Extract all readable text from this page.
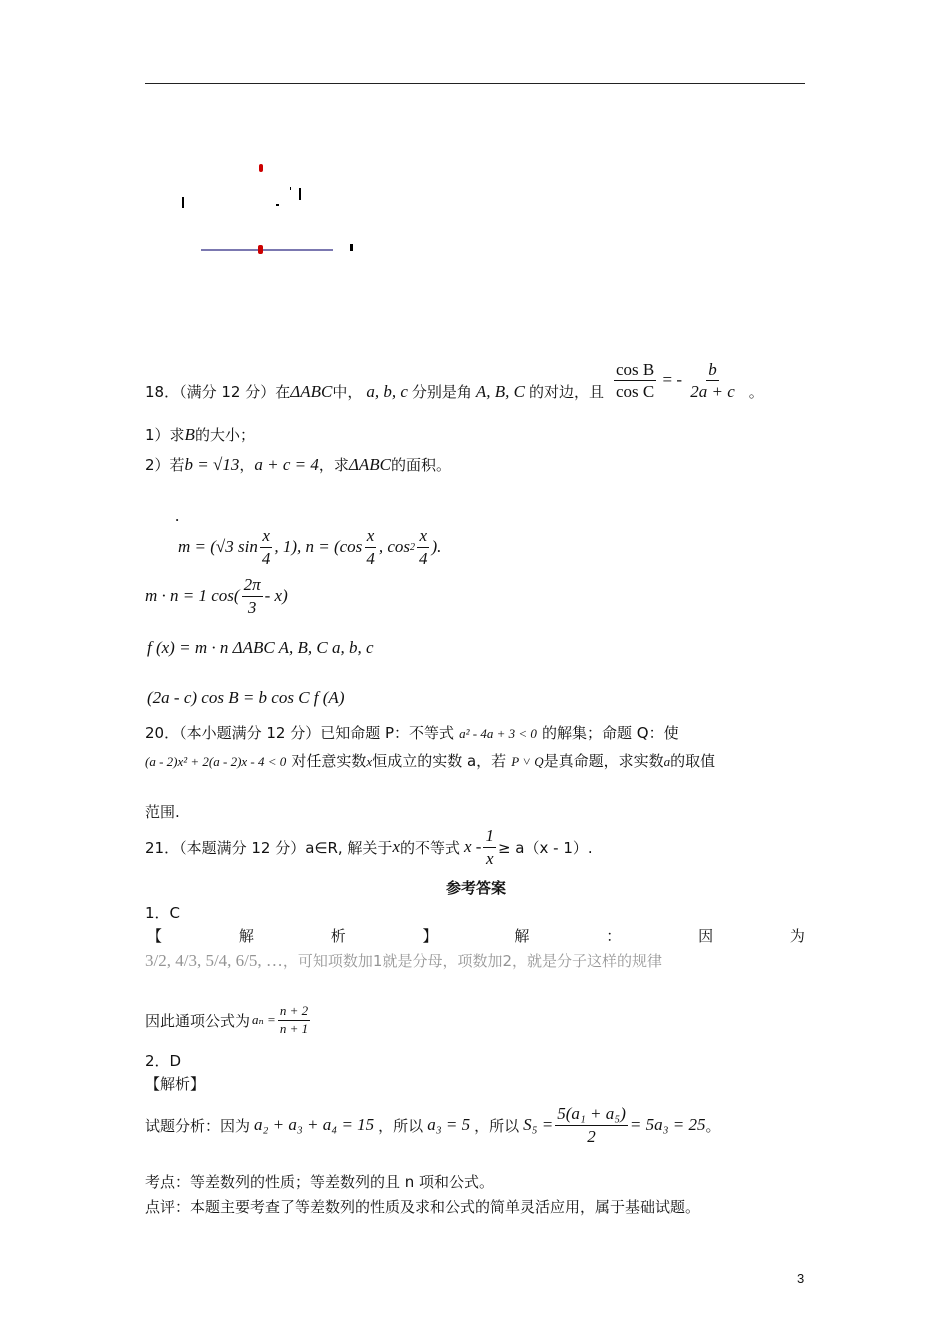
18．（满分 12 分）在 ΔABC 中， a, b, c 分别是角 A, B, C 的对边，且 $\frac{\text{cos B}}{\text{cos C}}$ = - $\frac{b}{2a + c}$ 。
1）求B的大小；
2）若b = √13，a + c = 4，求ΔABC的面积。
.
m = (√3 $\sin \frac{x}{4}$ , 1), $n = (\cos \frac{x}{4}$ , $\cos 2 \frac{x}{4}$ ).
m · n = 1 $\cos( \frac{2\pi}{3} - x)$
f (x) = m · n ΔABC A, B, C a, b, c
(2a - c) cos B = b cos C f (A)
20．（本小题满分 12 分）已知命题 P：不等式 a² - 4a + 3 < 0 的解集；命题 Q：使
(a - 2)x² + 2(a - 2)x - 4 < 0 对任意实数x恒成立的实数 a，若 P ˅ Q是真命题，求实数a的取值
范围.
21．（本题满分 12 分） a∈R, 解关于 x 的不等式 $x - \frac{1}{x} \ge a(x - 1)$.
参考答案
1．C
【	解	析	】	解	：	因	为
3/2, 4/3, 5/4, 6/5, …，可知项数加1就是分母，项数加2，就是分子这样的规律
因此通项公式为 $a_n = \frac{n + 2}{n + 1}$
2．D
【解析】
试题分析：因为 a₂ + a₃ + a₄ = 15 ，所以 a₃ = 5 ，所以 $S_5 = \frac{\text{5(a₁ + a₅)}}{2} = 5a_3 = 25$ 。
考点：等差数列的性质；等差数列的且 n 项和公式。
点评：本题主要考查了等差数列的性质及求和公式的简单灵活应用，属于基础试题。
3
